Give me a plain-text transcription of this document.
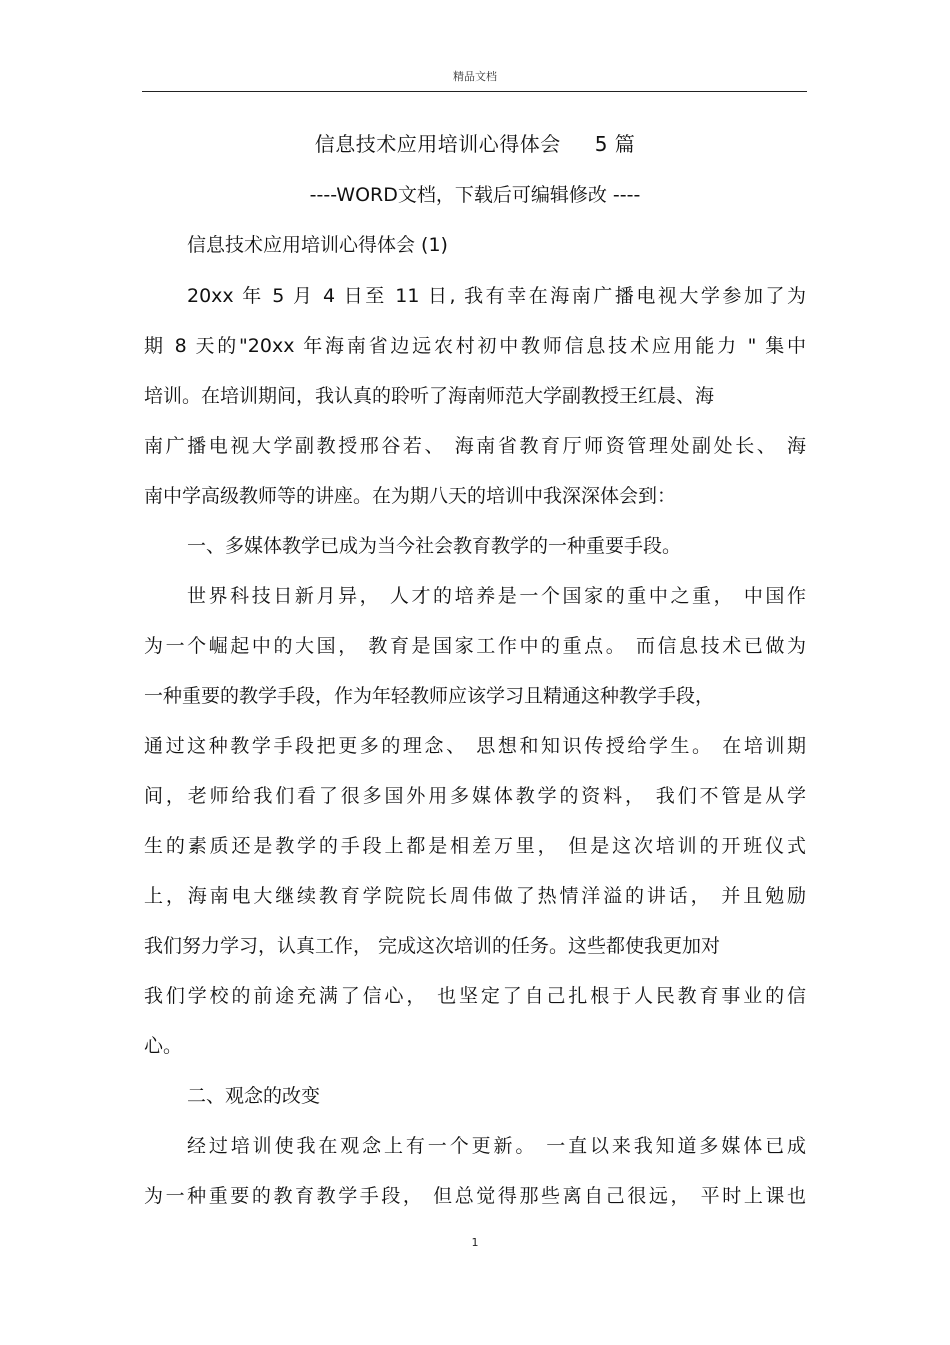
精品文档
信息技术应用培训心得体会 5 篇
----WORD文档，下载后可编辑修改 ----
信息技术应用培训心得体会 (1)
20xx 年 5 月 4 日至 11 日, 我有幸在海南广播电视大学参加了为
期 8 天的"20xx 年海南省边远农村初中教师信息技术应用能力 " 集中
培训。在培训期间，我认真的聆听了海南师范大学副教授王红晨、海
南广播电视大学副教授邢谷若、 海南省教育厅师资管理处副处长、 海
南中学高级教师等的讲座。在为期八天的培训中我深深体会到：
一、多媒体教学已成为当今社会教育教学的一种重要手段。
世界科技日新月异， 人才的培养是一个国家的重中之重， 中国作
为一个崛起中的大国， 教育是国家工作中的重点。 而信息技术已做为
一种重要的教学手段，作为年轻教师应该学习且精通这种教学手段，
通过这种教学手段把更多的理念、 思想和知识传授给学生。 在培训期
间，老师给我们看了很多国外用多媒体教学的资料， 我们不管是从学
生的素质还是教学的手段上都是相差万里， 但是这次培训的开班仪式
上，海南电大继续教育学院院长周伟做了热情洋溢的讲话， 并且勉励
我们努力学习，认真工作， 完成这次培训的任务。这些都使我更加对
我们学校的前途充满了信心， 也坚定了自己扎根于人民教育事业的信
心。
二、观念的改变
经过培训使我在观念上有一个更新。 一直以来我知道多媒体已成
为一种重要的教育教学手段， 但总觉得那些离自己很远， 平时上课也
1
